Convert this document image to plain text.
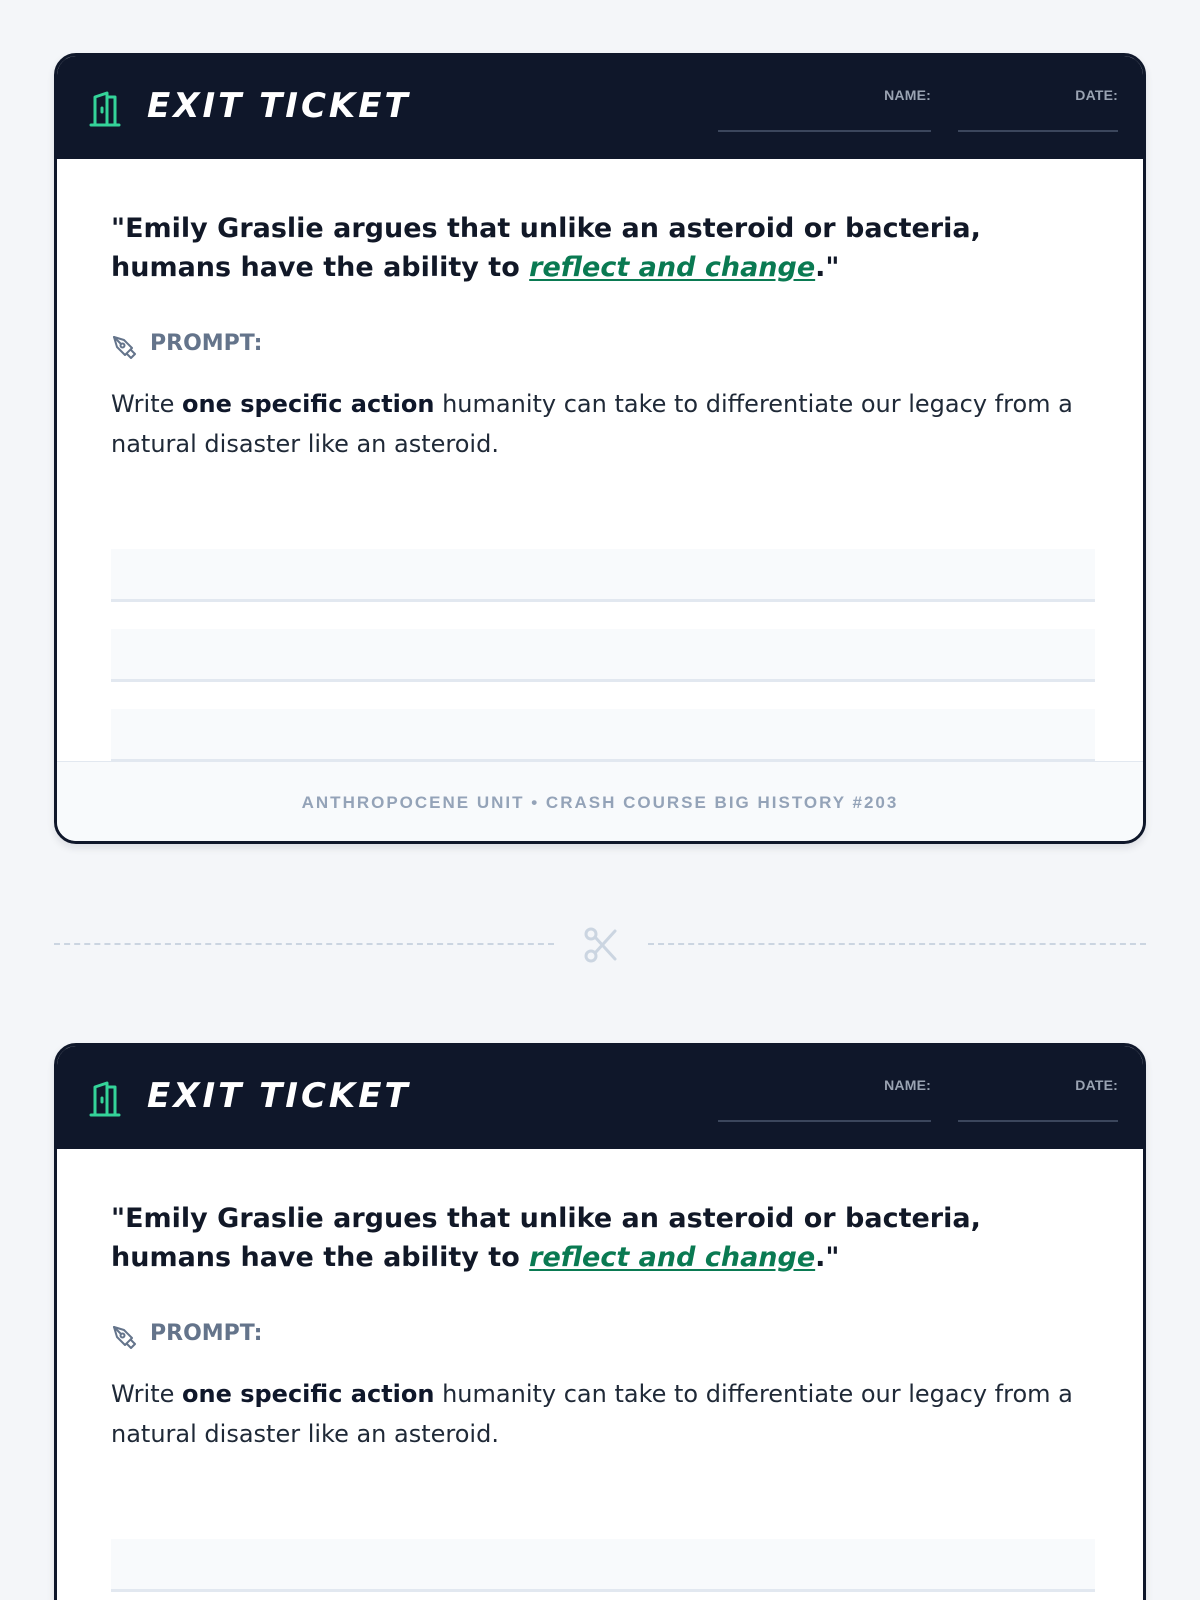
EXIT TICKET	NAME:	DATE:
"Emily Graslie argues that unlike an asteroid or bacteria, humans have the ability to reflect and change."
PROMPT:
Write one specific action humanity can take to differentiate our legacy from a natural disaster like an asteroid.
ANTHROPOCENE UNIT • CRASH COURSE BIG HISTORY #203
EXIT TICKET	NAME:	DATE:
"Emily Graslie argues that unlike an asteroid or bacteria, humans have the ability to reflect and change."
PROMPT:
Write one specific action humanity can take to differentiate our legacy from a natural disaster like an asteroid.
